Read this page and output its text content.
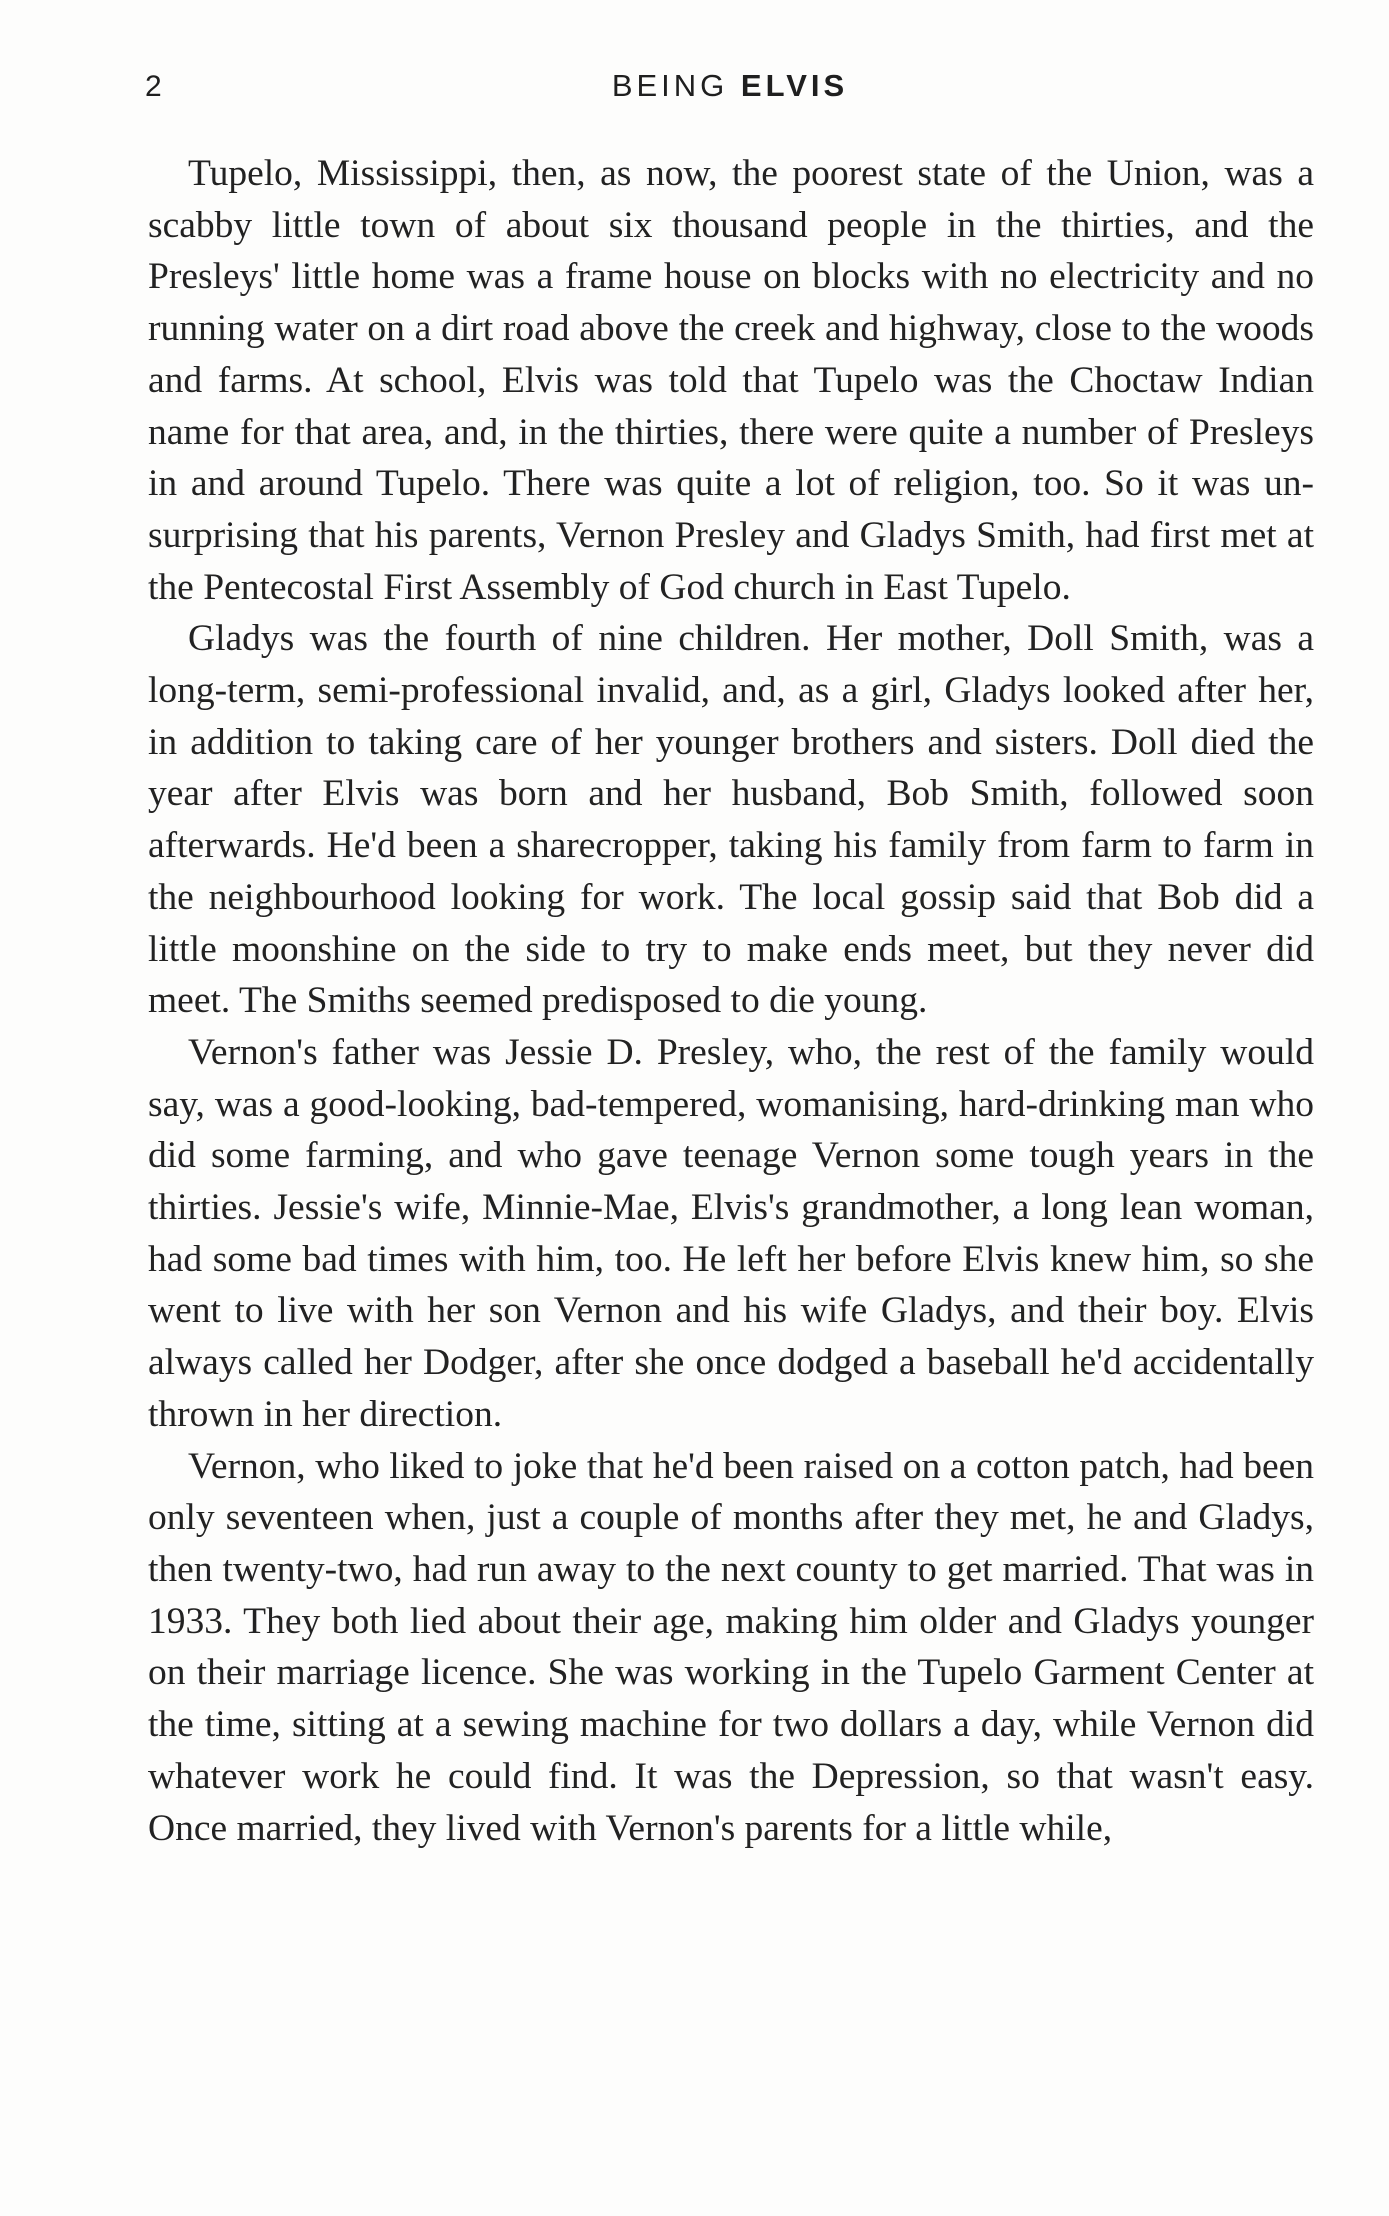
2	BEING ELVIS

Tupelo, Mississippi, then, as now, the poorest state of the Union, was a scabby little town of about six thousand people in the thirties, and the Presleys' little home was a frame house on blocks with no electricity and no running water on a dirt road above the creek and highway, close to the woods and farms. At school, Elvis was told that Tupelo was the Choctaw Indian name for that area, and, in the thirties, there were quite a number of Presleys in and around Tupelo. There was quite a lot of religion, too. So it was unsurprising that his parents, Vernon Presley and Gladys Smith, had first met at the Pentecostal First Assembly of God church in East Tupelo.

Gladys was the fourth of nine children. Her mother, Doll Smith, was a long-term, semi-professional invalid, and, as a girl, Gladys looked after her, in addition to taking care of her younger brothers and sisters. Doll died the year after Elvis was born and her husband, Bob Smith, followed soon afterwards. He'd been a sharecropper, taking his family from farm to farm in the neighbourhood looking for work. The local gossip said that Bob did a little moonshine on the side to try to make ends meet, but they never did meet. The Smiths seemed predisposed to die young.

Vernon's father was Jessie D. Presley, who, the rest of the family would say, was a good-looking, bad-tempered, womanising, hard-drinking man who did some farming, and who gave teenage Vernon some tough years in the thirties. Jessie's wife, Minnie-Mae, Elvis's grandmother, a long lean woman, had some bad times with him, too. He left her before Elvis knew him, so she went to live with her son Vernon and his wife Gladys, and their boy. Elvis always called her Dodger, after she once dodged a baseball he'd accidentally thrown in her direction.

Vernon, who liked to joke that he'd been raised on a cotton patch, had been only seventeen when, just a couple of months after they met, he and Gladys, then twenty-two, had run away to the next county to get married. That was in 1933. They both lied about their age, making him older and Gladys younger on their marriage licence. She was working in the Tupelo Garment Center at the time, sitting at a sewing machine for two dollars a day, while Vernon did whatever work he could find. It was the Depression, so that wasn't easy. Once married, they lived with Vernon's parents for a little while,
